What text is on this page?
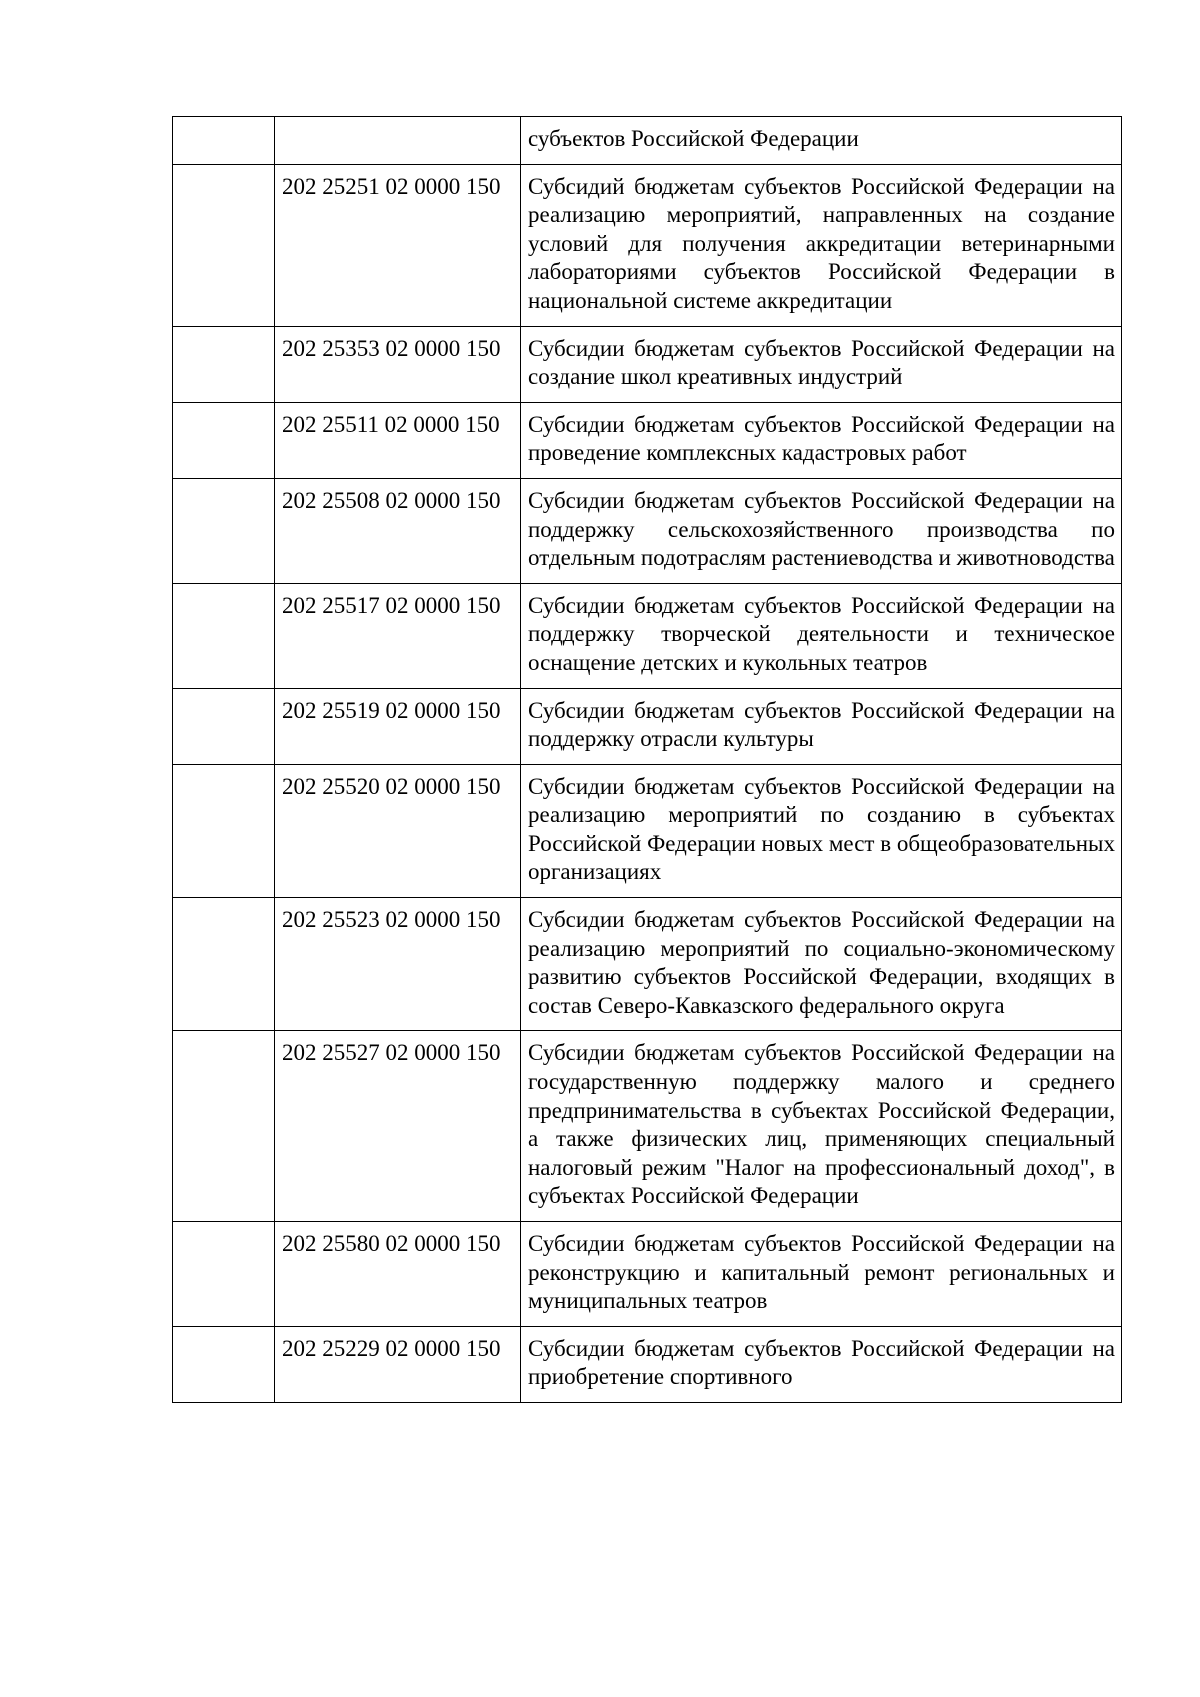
		субъектов Российской Федерации
	202 25251 02 0000 150	Субсидий бюджетам субъектов Российской Федерации на реализацию мероприятий, направленных на создание условий для получения аккредитации ветеринарными лабораториями субъектов Российской Федерации в национальной системе аккредитации
	202 25353 02 0000 150	Субсидии бюджетам субъектов Российской Федерации на создание школ креативных индустрий
	202 25511 02 0000 150	Субсидии бюджетам субъектов Российской Федерации на проведение комплексных кадастровых работ
	202 25508 02 0000 150	Субсидии бюджетам субъектов Российской Федерации на поддержку сельскохозяйственного производства по отдельным подотраслям растениеводства и животноводства
	202 25517 02 0000 150	Субсидии бюджетам субъектов Российской Федерации на поддержку творческой деятельности и техническое оснащение детских и кукольных театров
	202 25519 02 0000 150	Субсидии бюджетам субъектов Российской Федерации на поддержку отрасли культуры
	202 25520 02 0000 150	Субсидии бюджетам субъектов Российской Федерации на реализацию мероприятий по созданию в субъектах Российской Федерации новых мест в общеобразовательных организациях
	202 25523 02 0000 150	Субсидии бюджетам субъектов Российской Федерации на реализацию мероприятий по социально-экономическому развитию субъектов Российской Федерации, входящих в состав Северо-Кавказского федерального округа
	202 25527 02 0000 150	Субсидии бюджетам субъектов Российской Федерации на государственную поддержку малого и среднего предпринимательства в субъектах Российской Федерации, а также физических лиц, применяющих специальный налоговый режим "Налог на профессиональный доход", в субъектах Российской Федерации
	202 25580 02 0000 150	Субсидии бюджетам субъектов Российской Федерации на реконструкцию и капитальный ремонт региональных и муниципальных театров
	202 25229 02 0000 150	Субсидии бюджетам субъектов Российской Федерации на приобретение спортивного
